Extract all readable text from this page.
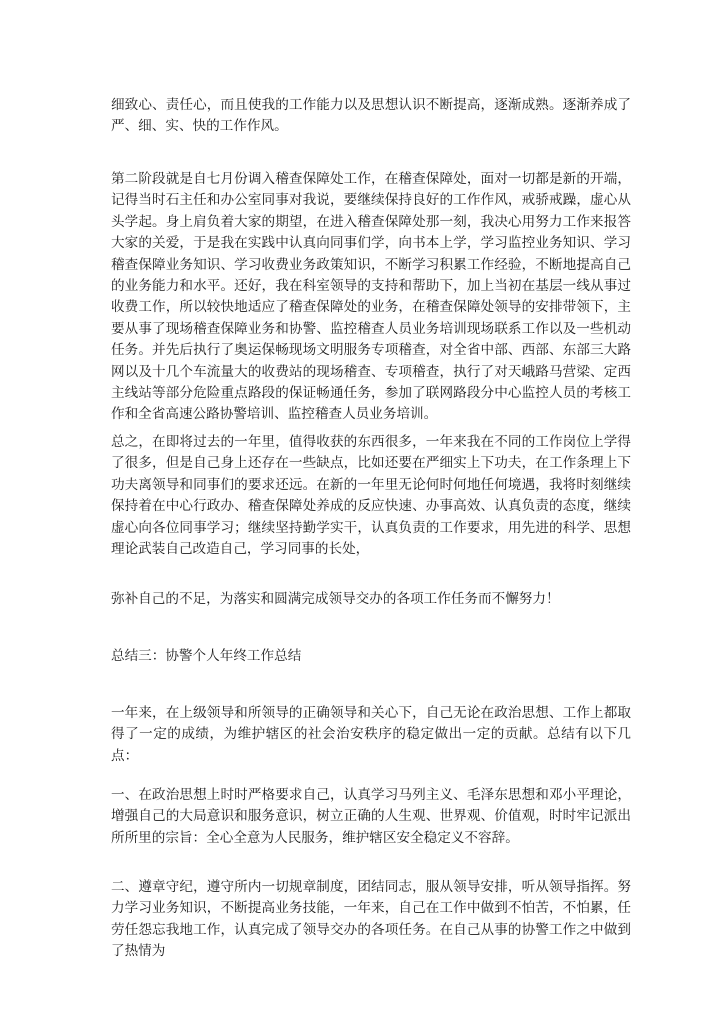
细致心、责任心，而且使我的工作能力以及思想认识不断提高，逐渐成熟。逐渐养成了严、细、实、快的工作作风。

第二阶段就是自七月份调入稽查保障处工作，在稽查保障处，面对一切都是新的开端，记得当时石主任和办公室同事对我说，要继续保持良好的工作作风，戒骄戒躁，虚心从头学起。身上肩负着大家的期望，在进入稽查保障处那一刻，我决心用努力工作来报答大家的关爱，于是我在实践中认真向同事们学，向书本上学，学习监控业务知识、学习稽查保障业务知识、学习收费业务政策知识，不断学习积累工作经验，不断地提高自己的业务能力和水平。还好，我在科室领导的支持和帮助下，加上当初在基层一线从事过收费工作，所以较快地适应了稽查保障处的业务，在稽查保障处领导的安排带领下，主要从事了现场稽查保障业务和协警、监控稽查人员业务培训现场联系工作以及一些机动任务。并先后执行了奥运保畅现场文明服务专项稽查，对全省中部、西部、东部三大路网以及十几个车流量大的收费站的现场稽查、专项稽查，执行了对天峨路马营梁、定西主线站等部分危险重点路段的保证畅通任务，参加了联网路段分中心监控人员的考核工作和全省高速公路协警培训、监控稽查人员业务培训。

总之，在即将过去的一年里，值得收获的东西很多，一年来我在不同的工作岗位上学得了很多，但是自己身上还存在一些缺点，比如还要在严细实上下功夫，在工作条理上下功夫离领导和同事们的要求还远。在新的一年里无论何时何地任何境遇，我将时刻继续保持着在中心行政办、稽查保障处养成的反应快速、办事高效、认真负责的态度，继续虚心向各位同事学习；继续坚持勤学实干，认真负责的工作要求，用先进的科学、思想理论武装自己改造自己，学习同事的长处，

弥补自己的不足，为落实和圆满完成领导交办的各项工作任务而不懈努力！

总结三：协警个人年终工作总结

一年来，在上级领导和所领导的正确领导和关心下，自己无论在政治思想、工作上都取得了一定的成绩，为维护辖区的社会治安秩序的稳定做出一定的贡献。总结有以下几点：

一、在政治思想上时时严格要求自己，认真学习马列主义、毛泽东思想和邓小平理论，增强自己的大局意识和服务意识，树立正确的人生观、世界观、价值观，时时牢记派出所所里的宗旨：全心全意为人民服务，维护辖区安全稳定义不容辞。

二、遵章守纪，遵守所内一切规章制度，团结同志，服从领导安排，听从领导指挥。努力学习业务知识，不断提高业务技能，一年来，自己在工作中做到不怕苦，不怕累，任劳任怨忘我地工作，认真完成了领导交办的各项任务。在自己从事的协警工作之中做到了热情为
